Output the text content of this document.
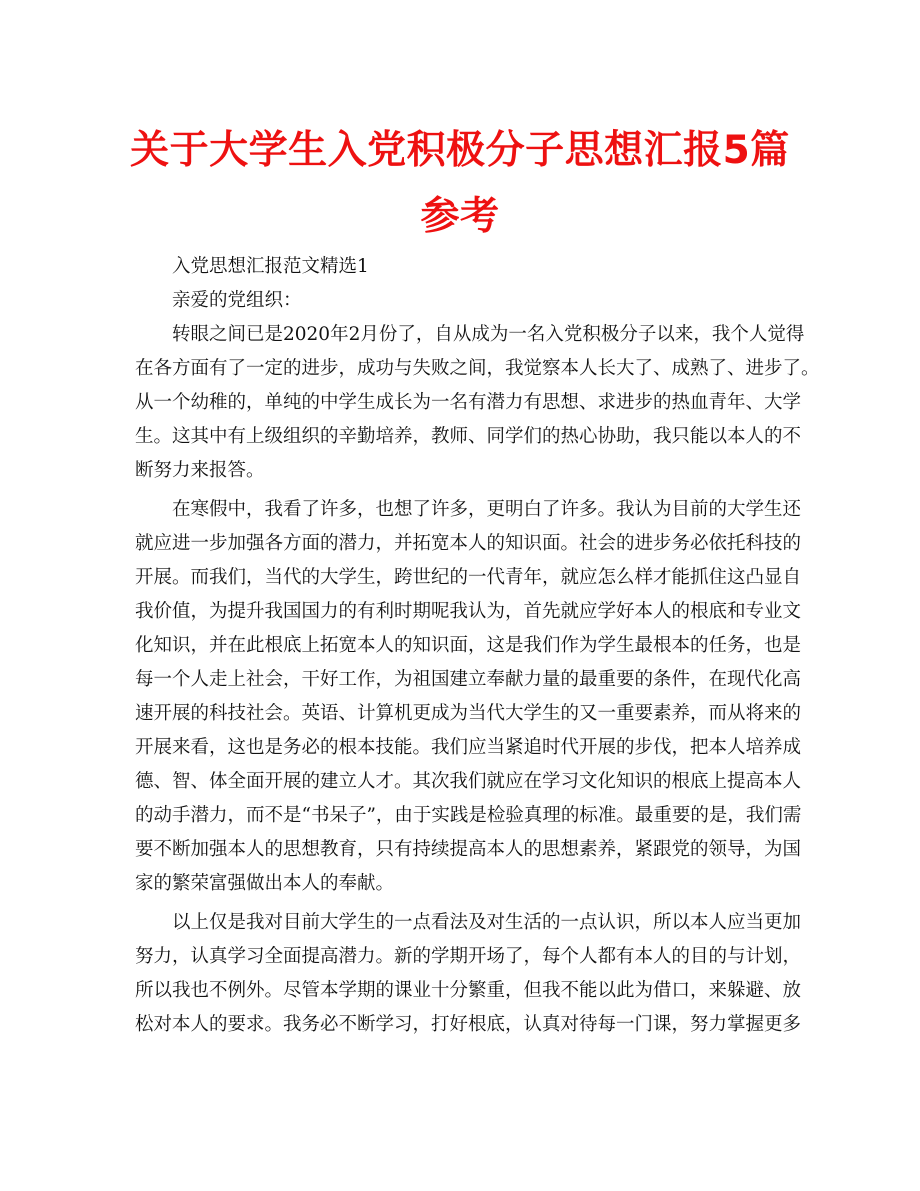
关于大学生入党积极分子思想汇报5篇参考

入党思想汇报范文精选1

亲爱的党组织：

转眼之间已是2020年2月份了，自从成为一名入党积极分子以来，我个人觉得

在各方面有了一定的进步，成功与失败之间，我觉察本人长大了、成熟了、进步了。

从一个幼稚的，单纯的中学生成长为一名有潜力有思想、求进步的热血青年、大学

生。这其中有上级组织的辛勤培养，教师、同学们的热心协助，我只能以本人的不

断努力来报答。

在寒假中，我看了许多，也想了许多，更明白了许多。我认为目前的大学生还

就应进一步加强各方面的潜力，并拓宽本人的知识面。社会的进步务必依托科技的

开展。而我们，当代的大学生，跨世纪的一代青年，就应怎么样才能抓住这凸显自

我价值，为提升我国国力的有利时期呢我认为，首先就应学好本人的根底和专业文

化知识，并在此根底上拓宽本人的知识面，这是我们作为学生最根本的任务，也是

每一个人走上社会，干好工作，为祖国建立奉献力量的最重要的条件，在现代化高

速开展的科技社会。英语、计算机更成为当代大学生的又一重要素养，而从将来的

开展来看，这也是务必的根本技能。我们应当紧追时代开展的步伐，把本人培养成

德、智、体全面开展的建立人才。其次我们就应在学习文化知识的根底上提高本人

的动手潜力，而不是“书呆子”，由于实践是检验真理的标准。最重要的是，我们需

要不断加强本人的思想教育，只有持续提高本人的思想素养，紧跟党的领导，为国

家的繁荣富强做出本人的奉献。

以上仅是我对目前大学生的一点看法及对生活的一点认识，所以本人应当更加

努力，认真学习全面提高潜力。新的学期开场了，每个人都有本人的目的与计划，

所以我也不例外。尽管本学期的课业十分繁重，但我不能以此为借口，来躲避、放

松对本人的要求。我务必不断学习，打好根底，认真对待每一门课，努力掌握更多
